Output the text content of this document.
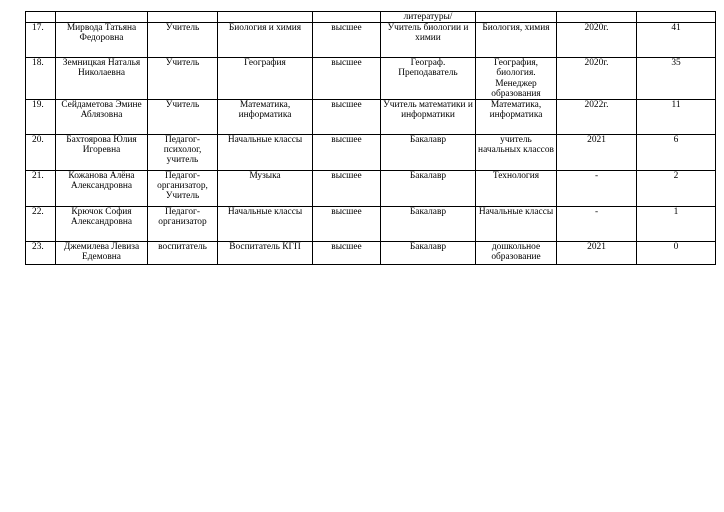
					литературы/			
17.	Мирвода Татьяна Федоровна	Учитель	Биология и химия	высшее	Учитель биологии и химии	Биология, химия	2020г.	41
18.	Земницкая Наталья Николаевна	Учитель	География	высшее	Географ. Преподаватель	География, биология. Менеджер образования	2020г.	35
19.	Сейдаметова Эмине Аблязовна	Учитель	Математика, информатика	высшее	Учитель математики и информатики	Математика, информатика	2022г.	11
20.	Бахтоярова Юлия Игоревна	Педагог-психолог, учитель	Начальные классы	высшее	Бакалавр	учитель начальных классов	2021	6
21.	Кожанова Алёна Александровна	Педагог-организатор, Учитель	Музыка	высшее	Бакалавр	Технология	-	2
22.	Крючок София Александровна	Педагог-организатор	Начальные классы	высшее	Бакалавр	Начальные классы	-	1
23.	Джемилева Левиза Едемовна	воспитатель	Воспитатель КГП	высшее	Бакалавр	дошкольное образование	2021	0
